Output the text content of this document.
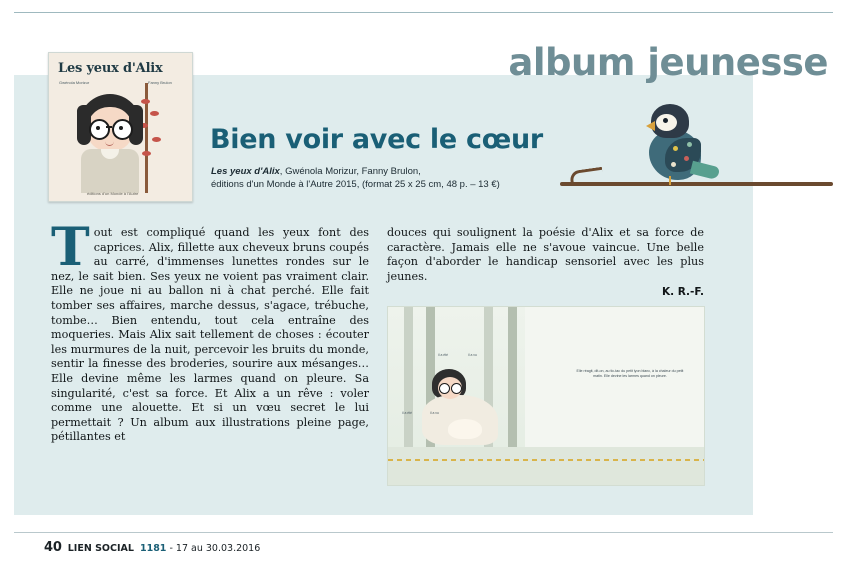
album jeunesse
Les yeux d'Alix
Gwénola Morizur	Fanny Brulon
éditions d'un Monde à l'Autre
Bien voir avec le cœur
Les yeux d'Alix, Gwénola Morizur, Fanny Brulon,
éditions d'un Monde à l'Autre 2015, (format 25 x 25 cm, 48 p. – 13 €)
Tout est compliqué quand les yeux font des caprices. Alix, fillette aux cheveux bruns coupés au carré, d'immenses lunettes rondes sur le nez, le sait bien. Ses yeux ne voient pas vraiment clair. Elle ne joue ni au ballon ni à chat perché. Elle fait tomber ses affaires, marche dessus, s'agace, trébuche, tombe… Bien entendu, tout cela entraîne des moqueries. Mais Alix sait tellement de choses : écouter les murmures de la nuit, percevoir les bruits du monde, sentir la finesse des broderies, sourire aux mésanges… Elle devine même les larmes quand on pleure. Sa singularité, c'est sa force. Et Alix a un rêve : voler comme une alouette. Et si un vœu secret le lui permettait ? Un album aux illustrations pleine page, pétillantes et
douces qui soulignent la poésie d'Alix et sa force de caractère. Jamais elle ne s'avoue vaincue. Une belle façon d'aborder le handicap sensoriel avec les plus jeunes.
K. R.-F.
Elle réagit, dit-on, au tic-tac du petit lyon blanc, à la chaleur du petit matin. Elle devine les larmes quand on pleure.
il a été	il a vu
il a été	il a vu
40 LIEN SOCIAL 1181 - 17 au 30.03.2016
